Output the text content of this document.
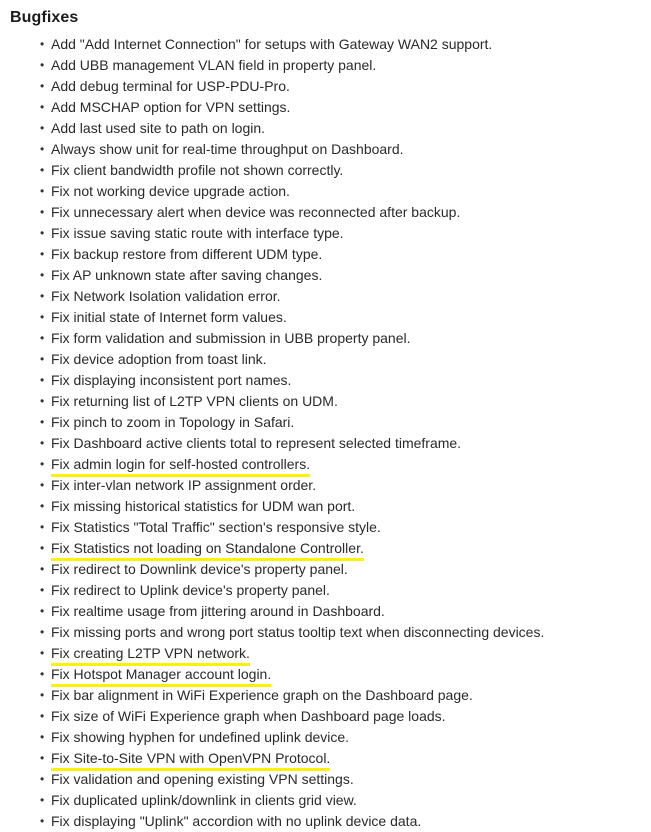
Bugfixes
• Add "Add Internet Connection" for setups with Gateway WAN2 support.
• Add UBB management VLAN field in property panel.
• Add debug terminal for USP-PDU-Pro.
• Add MSCHAP option for VPN settings.
• Add last used site to path on login.
• Always show unit for real-time throughput on Dashboard.
• Fix client bandwidth profile not shown correctly.
• Fix not working device upgrade action.
• Fix unnecessary alert when device was reconnected after backup.
• Fix issue saving static route with interface type.
• Fix backup restore from different UDM type.
• Fix AP unknown state after saving changes.
• Fix Network Isolation validation error.
• Fix initial state of Internet form values.
• Fix form validation and submission in UBB property panel.
• Fix device adoption from toast link.
• Fix displaying inconsistent port names.
• Fix returning list of L2TP VPN clients on UDM.
• Fix pinch to zoom in Topology in Safari.
• Fix Dashboard active clients total to represent selected timeframe.
• Fix admin login for self-hosted controllers.
• Fix inter-vlan network IP assignment order.
• Fix missing historical statistics for UDM wan port.
• Fix Statistics "Total Traffic" section's responsive style.
• Fix Statistics not loading on Standalone Controller.
• Fix redirect to Downlink device's property panel.
• Fix redirect to Uplink device's property panel.
• Fix realtime usage from jittering around in Dashboard.
• Fix missing ports and wrong port status tooltip text when disconnecting devices.
• Fix creating L2TP VPN network.
• Fix Hotspot Manager account login.
• Fix bar alignment in WiFi Experience graph on the Dashboard page.
• Fix size of WiFi Experience graph when Dashboard page loads.
• Fix showing hyphen for undefined uplink device.
• Fix Site-to-Site VPN with OpenVPN Protocol.
• Fix validation and opening existing VPN settings.
• Fix duplicated uplink/downlink in clients grid view.
• Fix displaying "Uplink" accordion with no uplink device data.
